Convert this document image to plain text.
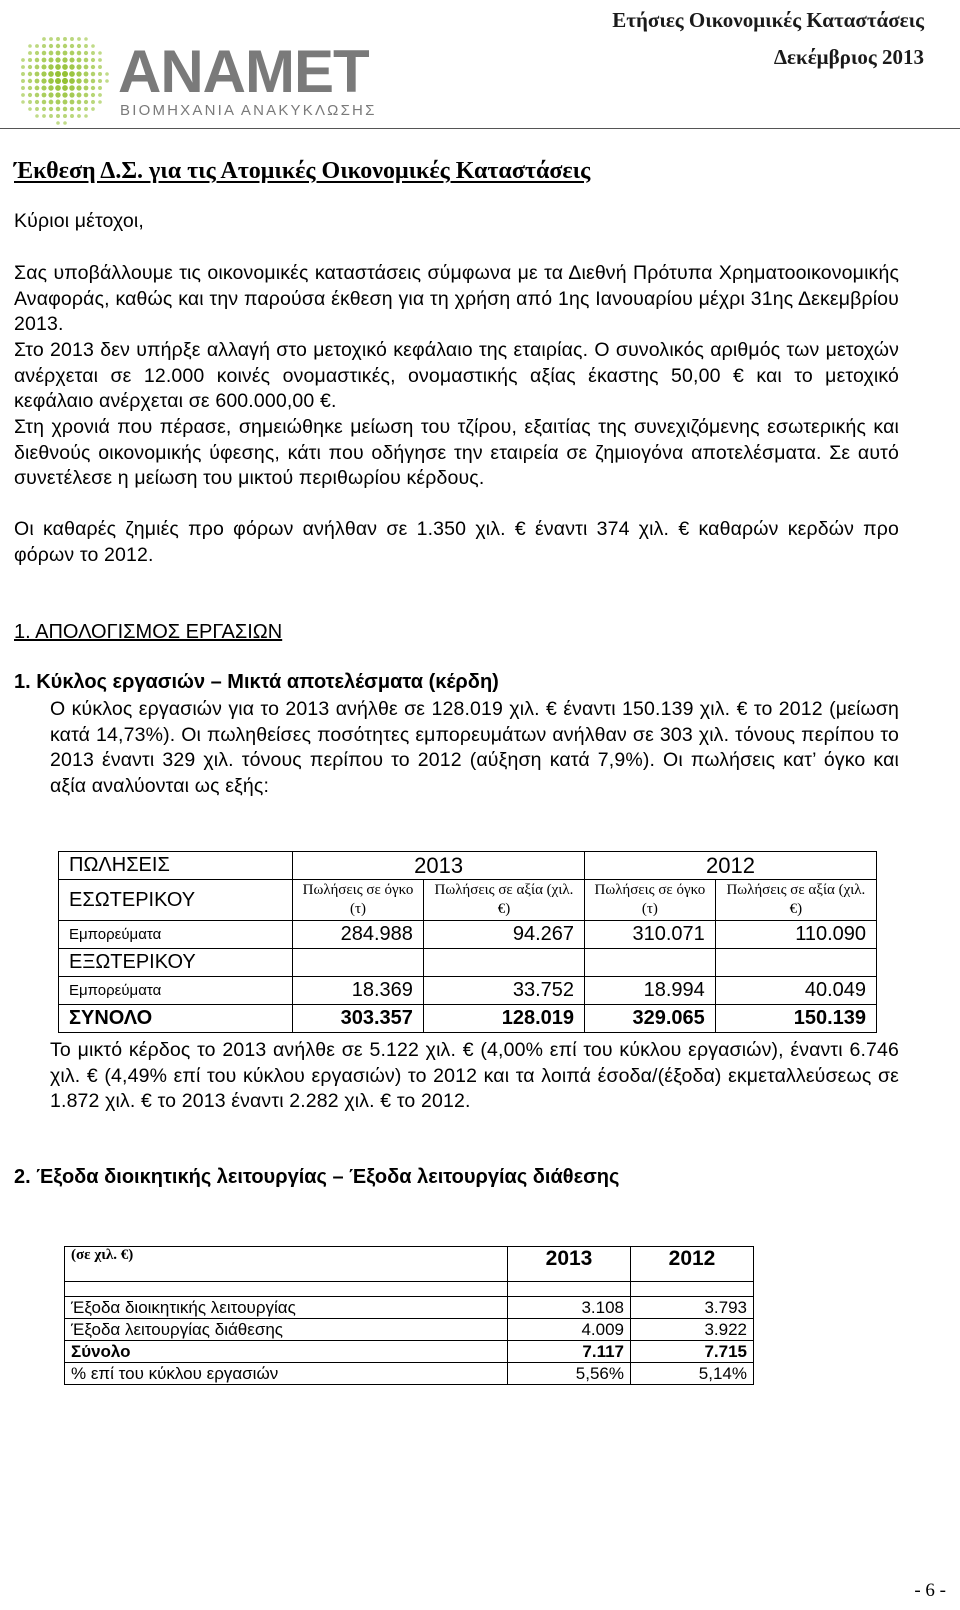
ANAMET
ΒΙΟΜΗΧΑΝΙΑ ΑΝΑΚΥΚΛΩΣΗΣ
Ετήσιες Οικονομικές Καταστάσεις
Δεκέμβριος 2013
Έκθεση Δ.Σ. για τις Ατομικές Οικονομικές Καταστάσεις
Κύριοι μέτοχοι,
Σας υποβάλλουμε τις οικονομικές καταστάσεις σύμφωνα με τα Διεθνή Πρότυπα Χρηματοοικονομικής Αναφοράς, καθώς και την παρούσα έκθεση για τη χρήση από 1ης Ιανουαρίου μέχρι 31ης Δεκεμβρίου 2013.
Στο 2013 δεν υπήρξε αλλαγή στο μετοχικό κεφάλαιο της εταιρίας. Ο συνολικός αριθμός των μετοχών ανέρχεται σε 12.000 κοινές ονομαστικές, ονομαστικής αξίας έκαστης 50,00 € και το μετοχικό κεφάλαιο ανέρχεται σε 600.000,00 €.
Στη χρονιά που πέρασε, σημειώθηκε μείωση του τζίρου, εξαιτίας της συνεχιζόμενης εσωτερικής και διεθνούς οικονομικής ύφεσης, κάτι που οδήγησε την εταιρεία σε ζημιογόνα αποτελέσματα. Σε αυτό συνετέλεσε η μείωση του μικτού περιθωρίου κέρδους.
Οι καθαρές ζημιές προ φόρων ανήλθαν σε 1.350 χιλ. € έναντι 374 χιλ. € καθαρών κερδών προ φόρων το 2012.
1. ΑΠΟΛΟΓΙΣΜΟΣ ΕΡΓΑΣΙΩΝ
1. Κύκλος εργασιών – Μικτά αποτελέσματα (κέρδη)
Ο κύκλος εργασιών για το 2013 ανήλθε σε 128.019 χιλ. € έναντι 150.139 χιλ. € το 2012 (μείωση κατά 14,73%). Οι πωληθείσες ποσότητες εμπορευμάτων ανήλθαν σε 303 χιλ. τόνους περίπου το 2013 έναντι 329 χιλ. τόνους περίπου το 2012 (αύξηση κατά 7,9%). Οι πωλήσεις κατ’ όγκο και αξία αναλύονται ως εξής:
ΠΩΛΗΣΕΙΣ	2013		2012	
ΕΣΩΤΕΡΙΚΟΥ	Πωλήσεις σε όγκο (τ)	Πωλήσεις σε αξία (χιλ. €)	Πωλήσεις σε όγκο (τ)	Πωλήσεις σε αξία (χιλ. €)
Εμπορεύματα	284.988	94.267	310.071	110.090
ΕΞΩΤΕΡΙΚΟΥ				
Εμπορεύματα	18.369	33.752	18.994	40.049
ΣΥΝΟΛΟ	303.357	128.019	329.065	150.139
Το μικτό κέρδος το 2013 ανήλθε σε 5.122 χιλ. € (4,00% επί του κύκλου εργασιών), έναντι 6.746 χιλ. € (4,49% επί του κύκλου εργασιών) το 2012 και τα λοιπά έσοδα/(έξοδα) εκμεταλλεύσεως σε 1.872 χιλ. € το 2013 έναντι 2.282 χιλ. € το 2012.
2. Έξοδα διοικητικής λειτουργίας – Έξοδα λειτουργίας διάθεσης
(σε χιλ. €)	2013	2012

Έξοδα διοικητικής λειτουργίας	3.108	3.793
Έξοδα λειτουργίας διάθεσης	4.009	3.922
Σύνολο	7.117	7.715
% επί του κύκλου εργασιών	5,56%	5,14%
- 6 -
